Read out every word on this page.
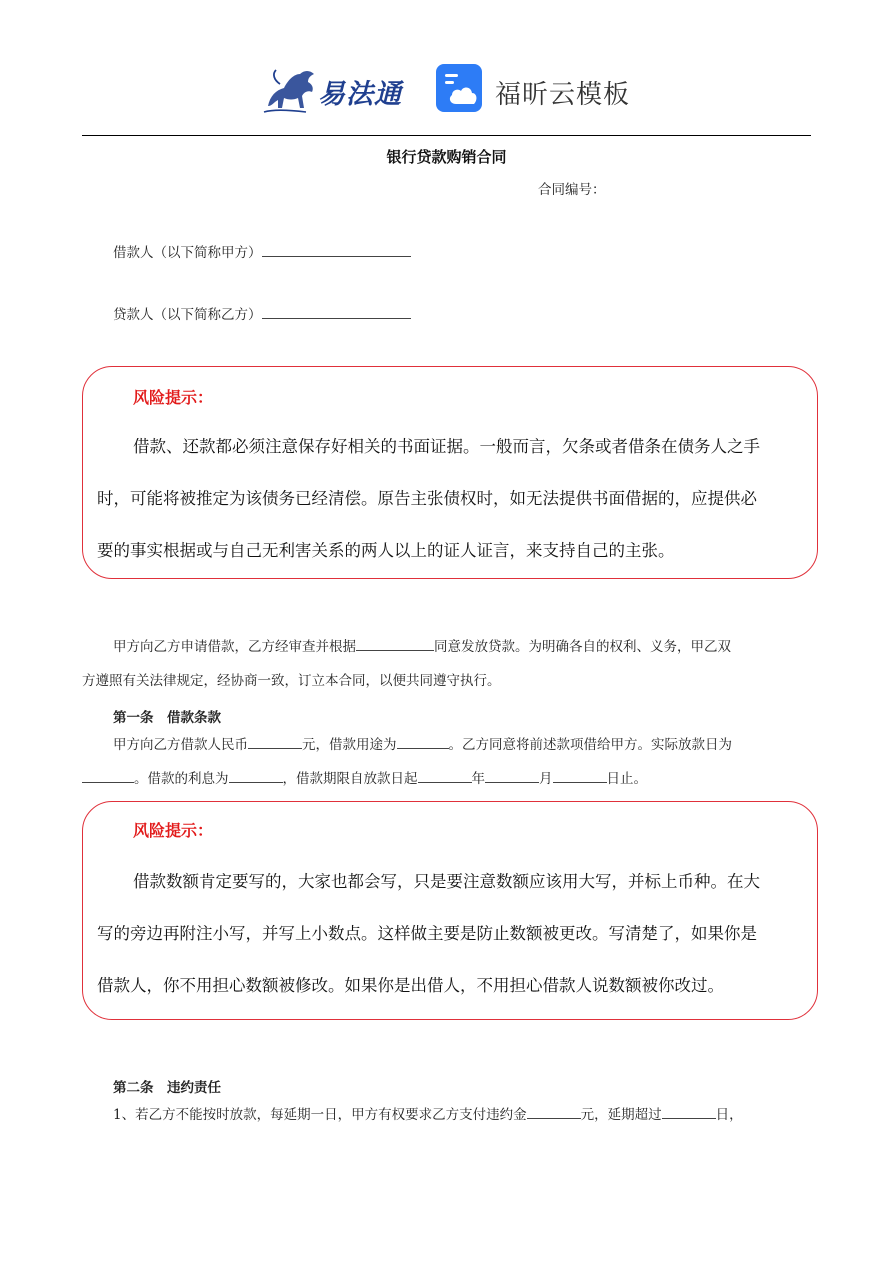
易法通	福昕云模板
银行贷款购销合同
合同编号：
借款人（以下简称甲方）
贷款人（以下简称乙方）
风险提示：
借款、还款都必须注意保存好相关的书面证据。一般而言，欠条或者借条在债务人之手
时，可能将被推定为该债务已经清偿。原告主张债权时，如无法提供书面借据的，应提供必
要的事实根据或与自己无利害关系的两人以上的证人证言，来支持自己的主张。
甲方向乙方申请借款，乙方经审查并根据	同意发放贷款。为明确各自的权利、义务，甲乙双
方遵照有关法律规定，经协商一致，订立本合同，以便共同遵守执行。
第一条　借款条款
甲方向乙方借款人民币	元，借款用途为	。乙方同意将前述款项借给甲方。实际放款日为
。借款的利息为	，借款期限自放款日起	年	月	日止。
风险提示：
借款数额肯定要写的，大家也都会写，只是要注意数额应该用大写，并标上币种。在大
写的旁边再附注小写，并写上小数点。这样做主要是防止数额被更改。写清楚了，如果你是
借款人，你不用担心数额被修改。如果你是出借人，不用担心借款人说数额被你改过。
第二条　违约责任
1、若乙方不能按时放款，每延期一日，甲方有权要求乙方支付违约金	元，延期超过	日，
